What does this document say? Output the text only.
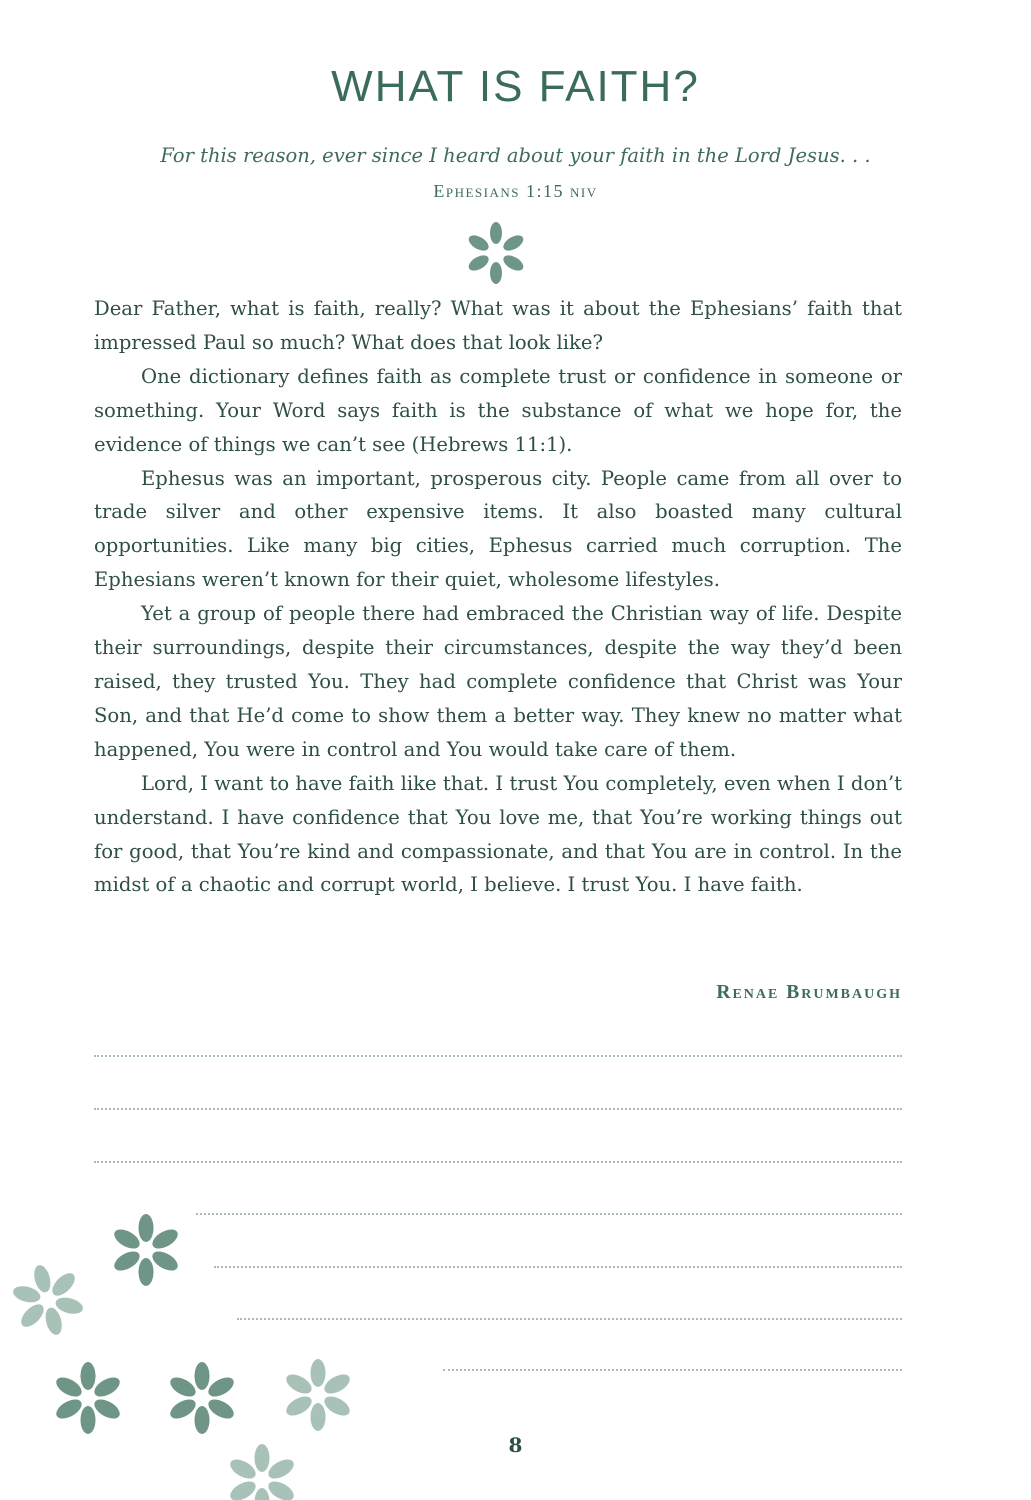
WHAT IS FAITH?
For this reason, ever since I heard about your faith in the Lord Jesus. . .
Ephesians 1:15 niv

Dear Father, what is faith, really? What was it about the Ephesians’ faith that impressed Paul so much? What does that look like?

One dictionary defines faith as complete trust or confidence in someone or something. Your Word says faith is the substance of what we hope for, the evidence of things we can’t see (Hebrews 11:1).

Ephesus was an important, prosperous city. People came from all over to trade silver and other expensive items. It also boasted many cultural opportunities. Like many big cities, Ephesus carried much corruption. The Ephesians weren’t known for their quiet, wholesome lifestyles.

Yet a group of people there had embraced the Christian way of life. Despite their surroundings, despite their circumstances, despite the way they’d been raised, they trusted You. They had complete confidence that Christ was Your Son, and that He’d come to show them a better way. They knew no matter what happened, You were in control and You would take care of them.

Lord, I want to have faith like that. I trust You completely, even when I don’t understand. I have confidence that You love me, that You’re working things out for good, that You’re kind and compassionate, and that You are in control. In the midst of a chaotic and corrupt world, I believe. I trust You. I have faith.

Renae Brumbaugh
8
